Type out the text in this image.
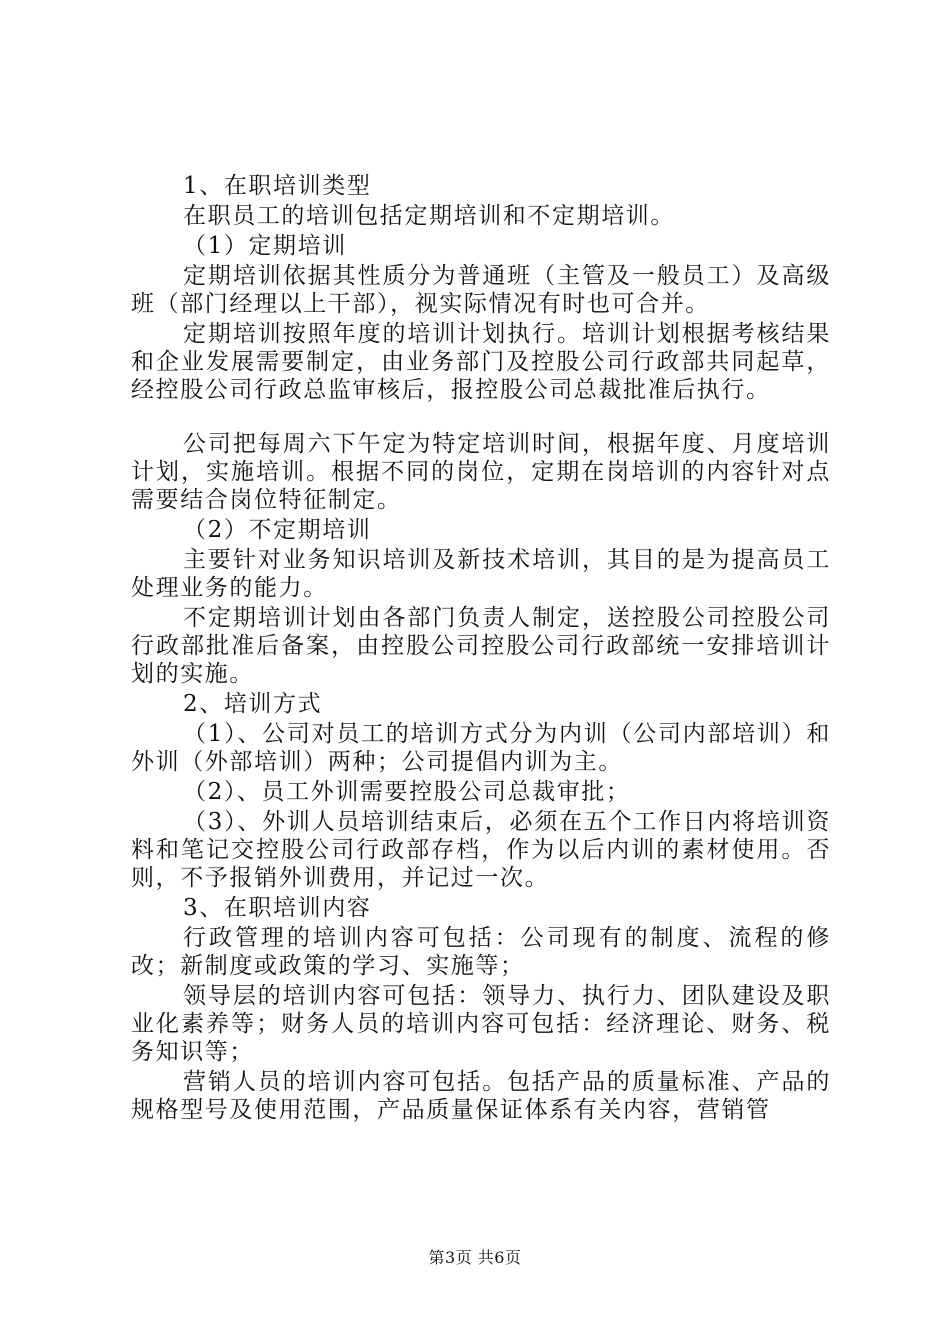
1、在职培训类型

在职员工的培训包括定期培训和不定期培训。

（1）定期培训

定期培训依据其性质分为普通班（主管及一般员工）及高级班（部门经理以上干部），视实际情况有时也可合并。

定期培训按照年度的培训计划执行。培训计划根据考核结果和企业发展需要制定，由业务部门及控股公司行政部共同起草，经控股公司行政总监审核后，报控股公司总裁批准后执行。

公司把每周六下午定为特定培训时间，根据年度、月度培训计划，实施培训。根据不同的岗位，定期在岗培训的内容针对点需要结合岗位特征制定。

（2）不定期培训

主要针对业务知识培训及新技术培训，其目的是为提高员工处理业务的能力。

不定期培训计划由各部门负责人制定，送控股公司控股公司行政部批准后备案，由控股公司控股公司行政部统一安排培训计划的实施。

2、培训方式

（1）、公司对员工的培训方式分为内训（公司内部培训）和外训（外部培训）两种；公司提倡内训为主。

（2）、员工外训需要控股公司总裁审批；

（3）、外训人员培训结束后，必须在五个工作日内将培训资料和笔记交控股公司行政部存档，作为以后内训的素材使用。否则，不予报销外训费用，并记过一次。

3、在职培训内容

行政管理的培训内容可包括：公司现有的制度、流程的修改；新制度或政策的学习、实施等；

领导层的培训内容可包括：领导力、执行力、团队建设及职业化素养等；财务人员的培训内容可包括：经济理论、财务、税务知识等；

营销人员的培训内容可包括。包括产品的质量标准、产品的规格型号及使用范围，产品质量保证体系有关内容，营销管

第3页 共6页
